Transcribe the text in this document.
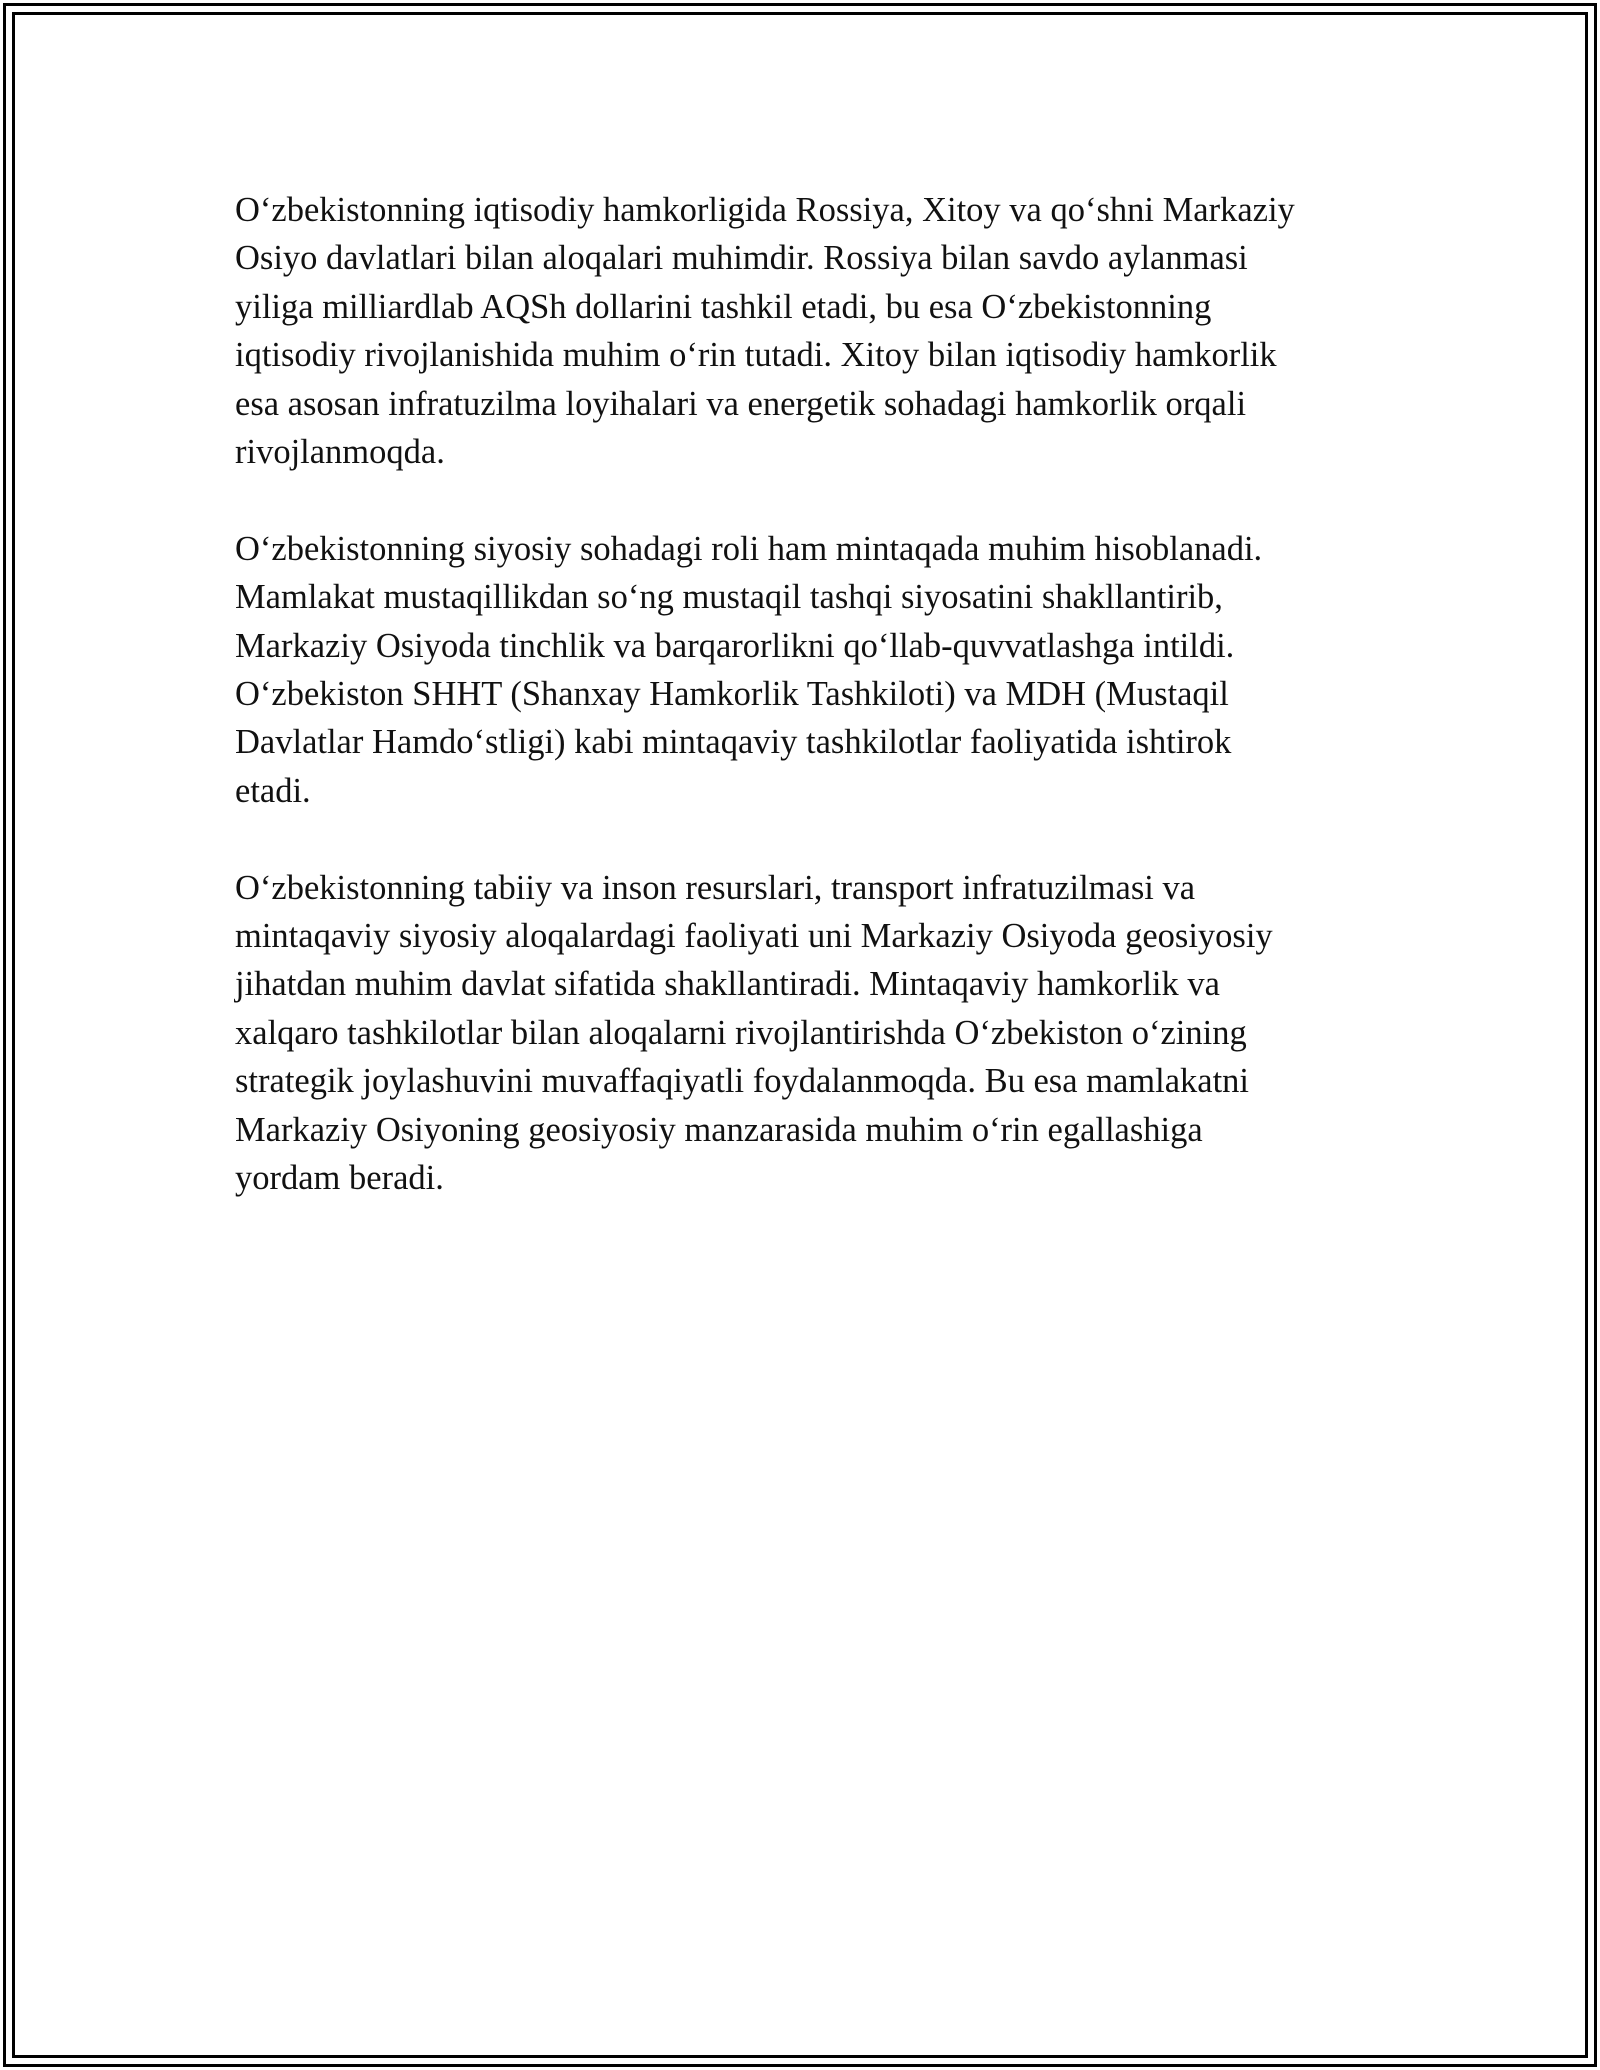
O‘zbekistonning iqtisodiy hamkorligida Rossiya, Xitoy va qo‘shni Markaziy
Osiyo davlatlari bilan aloqalari muhimdir. Rossiya bilan savdo aylanmasi
yiliga milliardlab AQSh dollarini tashkil etadi, bu esa O‘zbekistonning
iqtisodiy rivojlanishida muhim o‘rin tutadi. Xitoy bilan iqtisodiy hamkorlik
esa asosan infratuzilma loyihalari va energetik sohadagi hamkorlik orqali
rivojlanmoqda.

O‘zbekistonning siyosiy sohadagi roli ham mintaqada muhim hisoblanadi.
Mamlakat mustaqillikdan so‘ng mustaqil tashqi siyosatini shakllantirib,
Markaziy Osiyoda tinchlik va barqarorlikni qo‘llab-quvvatlashga intildi.
O‘zbekiston SHHT (Shanxay Hamkorlik Tashkiloti) va MDH (Mustaqil
Davlatlar Hamdo‘stligi) kabi mintaqaviy tashkilotlar faoliyatida ishtirok
etadi.

O‘zbekistonning tabiiy va inson resurslari, transport infratuzilmasi va
mintaqaviy siyosiy aloqalardagi faoliyati uni Markaziy Osiyoda geosiyosiy
jihatdan muhim davlat sifatida shakllantiradi. Mintaqaviy hamkorlik va
xalqaro tashkilotlar bilan aloqalarni rivojlantirishda O‘zbekiston o‘zining
strategik joylashuvini muvaffaqiyatli foydalanmoqda. Bu esa mamlakatni
Markaziy Osiyoning geosiyosiy manzarasida muhim o‘rin egallashiga
yordam beradi.
